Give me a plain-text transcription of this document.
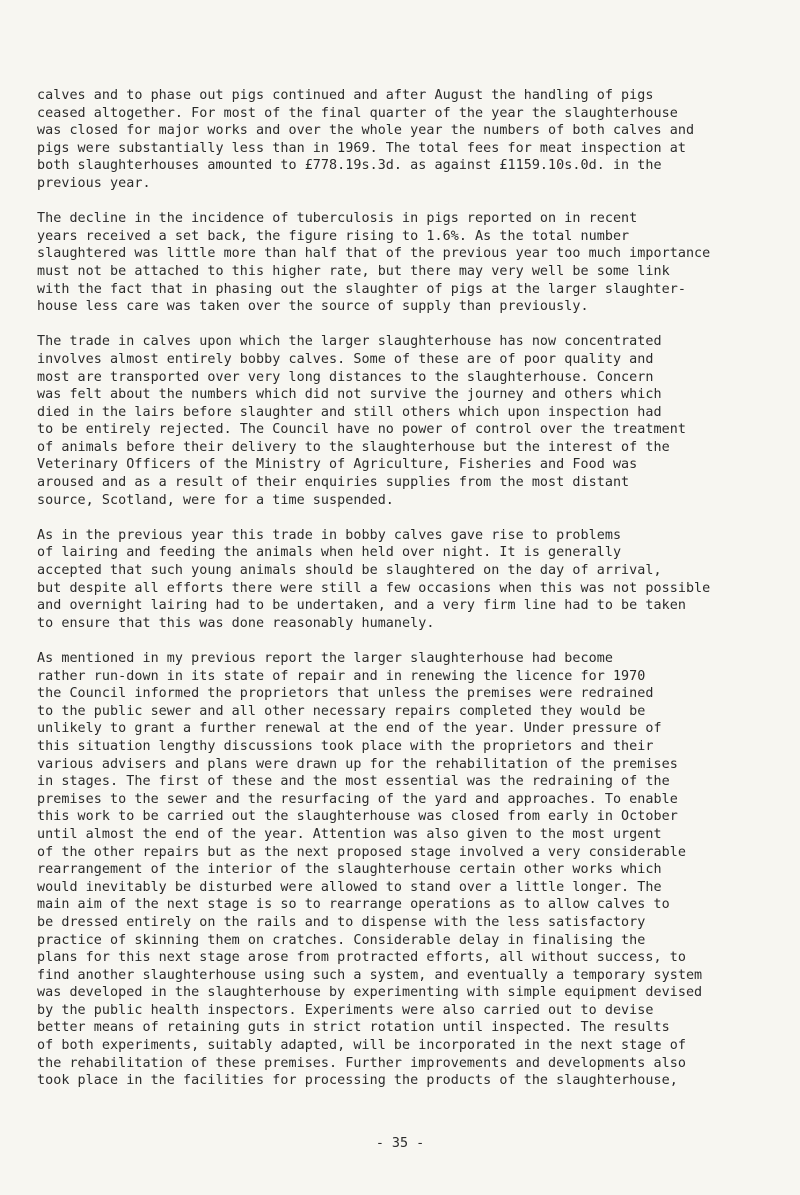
calves and to phase out pigs continued and after August the handling of pigs
ceased altogether. For most of the final quarter of the year the slaughterhouse
was closed for major works and over the whole year the numbers of both calves and
pigs were substantially less than in 1969. The total fees for meat inspection at
both slaughterhouses amounted to £778.19s.3d. as against £1159.10s.0d. in the
previous year.
The decline in the incidence of tuberculosis in pigs reported on in recent
years received a set back, the figure rising to 1.6%. As the total number
slaughtered was little more than half that of the previous year too much importance
must not be attached to this higher rate, but there may very well be some link
with the fact that in phasing out the slaughter of pigs at the larger slaughter-
house less care was taken over the source of supply than previously.
The trade in calves upon which the larger slaughterhouse has now concentrated
involves almost entirely bobby calves. Some of these are of poor quality and
most are transported over very long distances to the slaughterhouse. Concern
was felt about the numbers which did not survive the journey and others which
died in the lairs before slaughter and still others which upon inspection had
to be entirely rejected. The Council have no power of control over the treatment
of animals before their delivery to the slaughterhouse but the interest of the
Veterinary Officers of the Ministry of Agriculture, Fisheries and Food was
aroused and as a result of their enquiries supplies from the most distant
source, Scotland, were for a time suspended.
As in the previous year this trade in bobby calves gave rise to problems
of lairing and feeding the animals when held over night. It is generally
accepted that such young animals should be slaughtered on the day of arrival,
but despite all efforts there were still a few occasions when this was not possible
and overnight lairing had to be undertaken, and a very firm line had to be taken
to ensure that this was done reasonably humanely.
As mentioned in my previous report the larger slaughterhouse had become
rather run-down in its state of repair and in renewing the licence for 1970
the Council informed the proprietors that unless the premises were redrained
to the public sewer and all other necessary repairs completed they would be
unlikely to grant a further renewal at the end of the year. Under pressure of
this situation lengthy discussions took place with the proprietors and their
various advisers and plans were drawn up for the rehabilitation of the premises
in stages. The first of these and the most essential was the redraining of the
premises to the sewer and the resurfacing of the yard and approaches. To enable
this work to be carried out the slaughterhouse was closed from early in October
until almost the end of the year. Attention was also given to the most urgent
of the other repairs but as the next proposed stage involved a very considerable
rearrangement of the interior of the slaughterhouse certain other works which
would inevitably be disturbed were allowed to stand over a little longer. The
main aim of the next stage is so to rearrange operations as to allow calves to
be dressed entirely on the rails and to dispense with the less satisfactory
practice of skinning them on cratches. Considerable delay in finalising the
plans for this next stage arose from protracted efforts, all without success, to
find another slaughterhouse using such a system, and eventually a temporary system
was developed in the slaughterhouse by experimenting with simple equipment devised
by the public health inspectors. Experiments were also carried out to devise
better means of retaining guts in strict rotation until inspected. The results
of both experiments, suitably adapted, will be incorporated in the next stage of
the rehabilitation of these premises. Further improvements and developments also
took place in the facilities for processing the products of the slaughterhouse,
- 35 -
